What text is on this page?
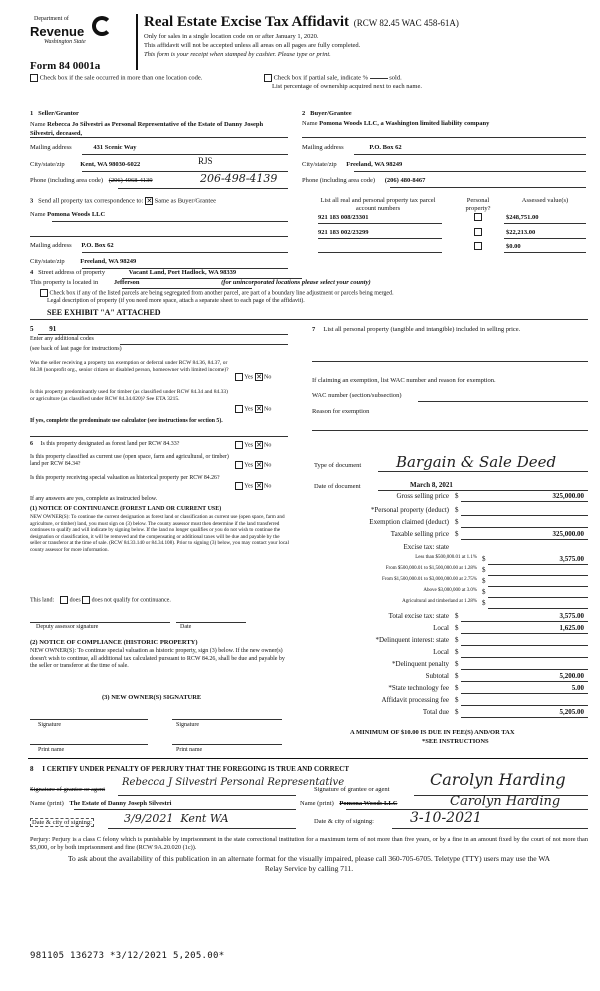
Department of
Revenue
Washington State
Real Estate Excise Tax Affidavit (RCW 82.45 WAC 458-61A)
Only for sales in a single location code on or after January 1, 2020.
This affidavit will not be accepted unless all areas on all pages are fully completed.
This form is your receipt when stamped by cashier. Please type or print.
Form 84 0001a
Check box if the sale occurred in more than one location code.	Check box if partial sale, indicate %	sold.
List percentage of ownership acquired next to each name.
1 Seller/Grantor
Name Rebecca Jo Silvestri as Personal Representative of the Estate of Danny Joseph Silvestri, deceased,
Mailing address	431 Scenic Way
City/state/zip Kent, WA 98030-6022	RJS
Phone (including area code) (206) 4968-4139	206-498-4139
2 Buyer/Grantee
Name Pomona Woods LLC, a Washington limited liability company
Mailing address	P.O. Box 62
City/state/zip Freeland, WA 98249
Phone (including area code) (206) 480-8467
3 Send all property tax correspondence to: ✕ Same as Buyer/Grantee
Name Pomona Woods LLC
Mailing address P.O. Box 62
City/state/zip Freeland, WA 98249
List all real and personal property tax parcel account numbers
Personal property?
Assessed value(s)
921 183 008/23301	$248,751.00
921 183 002/23299	$22,213.00
$0.00
4 Street address of property	Vacant Land, Port Hadlock, WA 98339
This property is located in Jefferson	(for unincorporated locations please select your county)
Check box if any of the listed parcels are being segregated from another parcel, are part of a boundary line adjustment or parcels being merged.
Legal description of property (if you need more space, attach a separate sheet to each page of the affidavit).
SEE EXHIBIT "A" ATTACHED
5 91
Enter any additional codes
(see back of last page for instructions)
Was the seller receiving a property tax exemption or deferral under RCW 84.36, 84.37, or 84.38 (nonprofit org., senior citizen or disabled person, homeowner with limited income)?
Yes ✕ No
Is this property predominantly used for timber (as classified under RCW 84.34 and 84.33) or agriculture (as classified under RCW 84.34.020)? See ETA 3215.
Yes ✕ No
If yes, complete the predominate use calculator (see instructions for section 5).
7 List all personal property (tangible and intangible) included in selling price.
If claiming an exemption, list WAC number and reason for exemption.
WAC number (section/subsection)
Reason for exemption
6 Is this property designated as forest land per RCW 84.33?	Yes ✕ No
Is this property classified as current use (open space, farm and agricultural, or timber) land per RCW 84.34?	Yes ✕ No
Is this property receiving special valuation as historical property per RCW 84.26?
Yes ✕ No
If any answers are yes, complete as instructed below.
(1) NOTICE OF CONTINUANCE (FOREST LAND OR CURRENT USE)
NEW OWNER(S): To continue the current designation as forest land or classification as current use (open space, farm and agriculture, or timber) land, you must sign on (3) below. The county assessor must then determine if the land transferred continues to qualify and will indicate by signing below. If the land no longer qualifies or you do not wish to continue the designation or classification, it will be removed and the compensating or additional taxes will be due and payable by the seller or transferor at the time of sale. (RCW 84.33.140 or 84.34.108). Prior to signing (3) below, you may contact your local county assessor for more information.
This land:	does does not qualify for continuance.
Deputy assessor signature	Date
(2) NOTICE OF COMPLIANCE (HISTORIC PROPERTY)
NEW OWNER(S): To continue special valuation as historic property, sign (3) below. If the new owner(s) doesn't wish to continue, all additional tax calculated pursuant to RCW 84.26, shall be due and payable by the seller or transferor at the time of sale.
(3) NEW OWNER(S) SIGNATURE
Signature	Signature
Print name	Print name
Type of document Bargain & Sale Deed
Date of document	March 8, 2021
Gross selling price $	325,000.00
*Personal property (deduct) $
Exemption claimed (deduct) $
Taxable selling price $	325,000.00
Excise tax: state
Less than $500,000.01 at 1.1% $	3,575.00
From $500,000.01 to $1,500,000.00 at 1.28% $
From $1,500,000.01 to $3,000,000.00 at 2.75% $
Above $3,000,000 at 3.0% $
Agricultural and timberland at 1.28% $
Total excise tax: state $	3,575.00
Local $	1,625.00
*Delinquent interest: state $
Local $
*Delinquent penalty $
Subtotal $	5,200.00
*State technology fee $	5.00
Affidavit processing fee $
Total due $	5,205.00
A MINIMUM OF $10.00 IS DUE IN FEE(S) AND/OR TAX
*SEE INSTRUCTIONS
8 I CERTIFY UNDER PENALTY OF PERJURY THAT THE FOREGOING IS TRUE AND CORRECT
Signature of grantor or agent
Rebecca J Silvestri Personal Representative
Name (print) The Estate of Danny Joseph Silvestri
Date & city of signing:	3/9/2021  Kent WA
Signature of grantee or agent
Carolyn Harding
Name (print) Pomona Woods LLC	Carolyn Harding
Date & city of signing:	3-10-2021
Perjury: Perjury is a class C felony which is punishable by imprisonment in the state correctional institution for a maximum term of not more than five years, or by a fine in an amount fixed by the court of not more than $5,000, or by both imprisonment and fine (RCW 9A.20.020 (1c)).
To ask about the availability of this publication in an alternate format for the visually impaired, please call 360-705-6705. Teletype (TTY) users may use the WA Relay Service by calling 711.
981105 136273 *3/12/2021 5,205.00*
